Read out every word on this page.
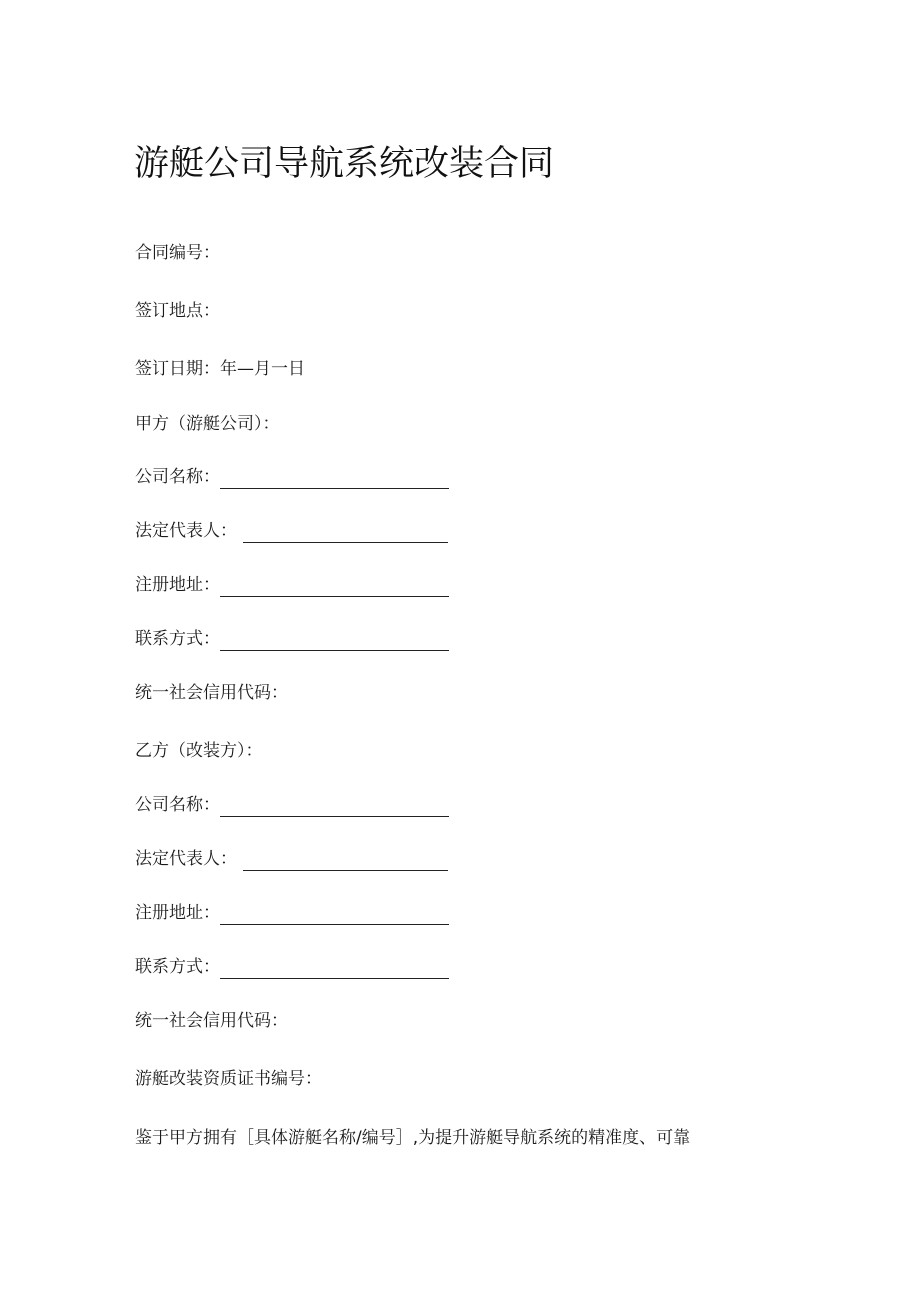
游艇公司导航系统改装合同
合同编号：
签订地点：
签订日期：年—月一日
甲方（游艇公司）：
公司名称：
法定代表人：
注册地址：
联系方式：
统一社会信用代码：
乙方（改装方）：
公司名称：
法定代表人：
注册地址：
联系方式：
统一社会信用代码：
游艇改装资质证书编号：
鉴于甲方拥有［具体游艇名称/编号］,为提升游艇导航系统的精准度、可靠
